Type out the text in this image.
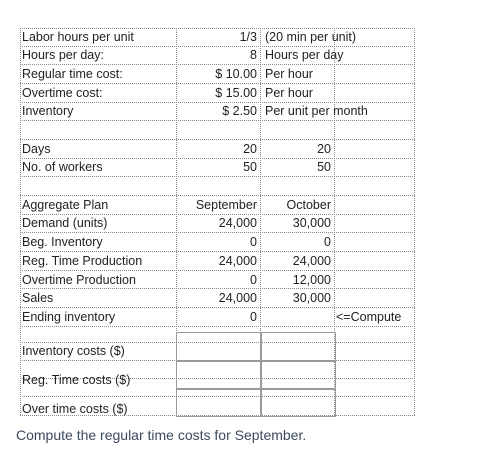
Labor hours per unit	1/3 (20 min per unit)
Hours per day:	8 Hours per day
Regular time cost:	$ 10.00 Per hour
Overtime cost:	$ 15.00 Per hour
Inventory	$ 2.50 Per unit per month
Days	20	20
No. of workers	50	50
Aggregate Plan	September	October
Demand (units)	24,000	30,000
Beg. Inventory	0	0
Reg. Time Production	24,000	24,000
Overtime Production	0	12,000
Sales	24,000	30,000
Ending inventory	0	<=Compute
Inventory costs ($)
Reg. Time costs ($)
Over time costs ($)
Compute the regular time costs for September.
